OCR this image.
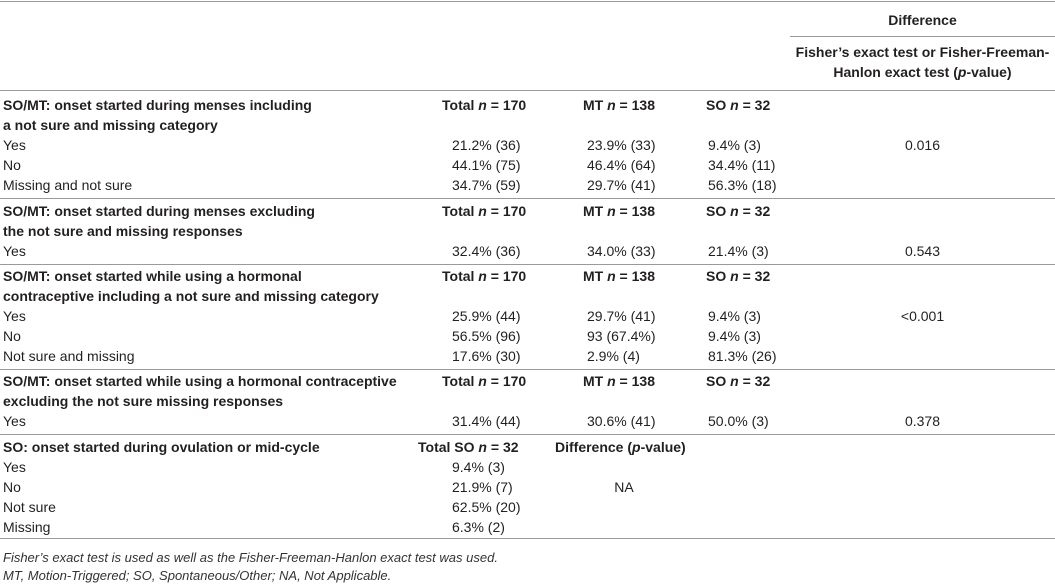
Difference
Fisher’s exact test or Fisher-Freeman-
Hanlon exact test (p-value)
SO/MT: onset started during menses including
a not sure and missing category
Total n = 170	MT n = 138	SO n = 32
Yes	21.2% (36)	23.9% (33)	9.4% (3)	0.016
No	44.1% (75)	46.4% (64)	34.4% (11)
Missing and not sure	34.7% (59)	29.7% (41)	56.3% (18)
SO/MT: onset started during menses excluding
the not sure and missing responses
Total n = 170	MT n = 138	SO n = 32
Yes	32.4% (36)	34.0% (33)	21.4% (3)	0.543
SO/MT: onset started while using a hormonal
contraceptive including a not sure and missing category
Total n = 170	MT n = 138	SO n = 32
Yes	25.9% (44)	29.7% (41)	9.4% (3)	<0.001
No	56.5% (96)	93 (67.4%)	9.4% (3)
Not sure and missing	17.6% (30)	2.9% (4)	81.3% (26)
SO/MT: onset started while using a hormonal contraceptive
excluding the not sure missing responses
Total n = 170	MT n = 138	SO n = 32
Yes	31.4% (44)	30.6% (41)	50.0% (3)	0.378
SO: onset started during ovulation or mid-cycle	Total SO n = 32	Difference (p-value)
Yes	9.4% (3)
No	21.9% (7)	NA
Not sure	62.5% (20)
Missing	6.3% (2)
Fisher’s exact test is used as well as the Fisher-Freeman-Hanlon exact test was used.
MT, Motion-Triggered; SO, Spontaneous/Other; NA, Not Applicable.
